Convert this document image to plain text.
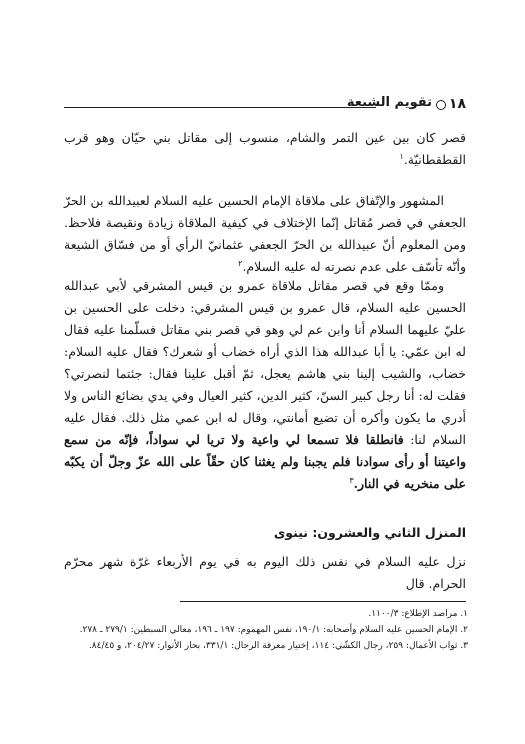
١٨
تقويم الشيعة

قصر كان بين عين التمر والشام، منسوب إلى مقاتل بني حيّان وهو قرب القطقطانيّة.$^١$

المشهور والإتّفاق على ملاقاة الإمام الحسين عليه السلام لعبيدالله بن الحرّ الجعفي في قصر مُقاتل إنّما الإختلاف في كيفية الملاقاة زيادة ونقيصة فلاحظ. ومن المعلوم أنّ عبيدالله بن الحرّ الجعفي عثمانيّ الرأي أو من فسّاق الشيعة وأنّه تأسّف على عدم نصرته له عليه السلام.$^٢$

وممّا وقع في قصر مقاتل ملاقاة عمرو بن قيس المشرقي لأبي عبدالله الحسين عليه السلام، قال عمرو بن قيس المشرقي: دخلت على الحسين بن عليّ عليهما السلام أنا وابن عم لي وهو في قصر بني مقاتل فسلّمنا عليه فقال له ابن عمّي: يا أبا عبدالله هذا الذي أراه خضاب أو شعرك؟ فقال عليه السلام: خضاب، والشيب إلينا بني هاشم يعجل، ثمّ أقبل علينا فقال: جئتما لنصرتي؟ فقلت له: أنا رجل كبير السنّ، كثير الدين، كثير العيال وفي يدي بضائع الناس ولا أدري ما يكون وأكره أن تضيع أمانتي، وقال له ابن عمي مثل ذلك. فقال عليه السلام لنا: فانطلقا فلا تسمعا لي واعية ولا تريا لي سواداً، فإنّه من سمع واعيتنا أو رأى سوادنا فلم يجبنا ولم يغثنا كان حقّاً على الله عزّ وجلّ أن يكبّه على منخريه في النار.$^٣$

المنزل الثاني والعشرون: نينوى

نزل عليه السلام في نفس ذلك اليوم به في يوم الأربعاء غرّة شهر محرّم الحرام. قال

١. مراصد الإطلاع: ١١٠٠/٣.

٢. الإمام الحسين عليه السلام وأصحابه: ١٩٠/١، نفس المهموم: ١٩٧ ـ ١٩٦، معالي السبطين: ٢٧٩/١ ـ ٢٧٨.

٣. ثواب الأعمال: ٢٥٩، رجال الكشّي: ١١٤، إختيار معرفة الرجال: ٣٣١/١، بحار الأنوار: ٢٠٤/٢٧، و ٨٤/٤٥.
